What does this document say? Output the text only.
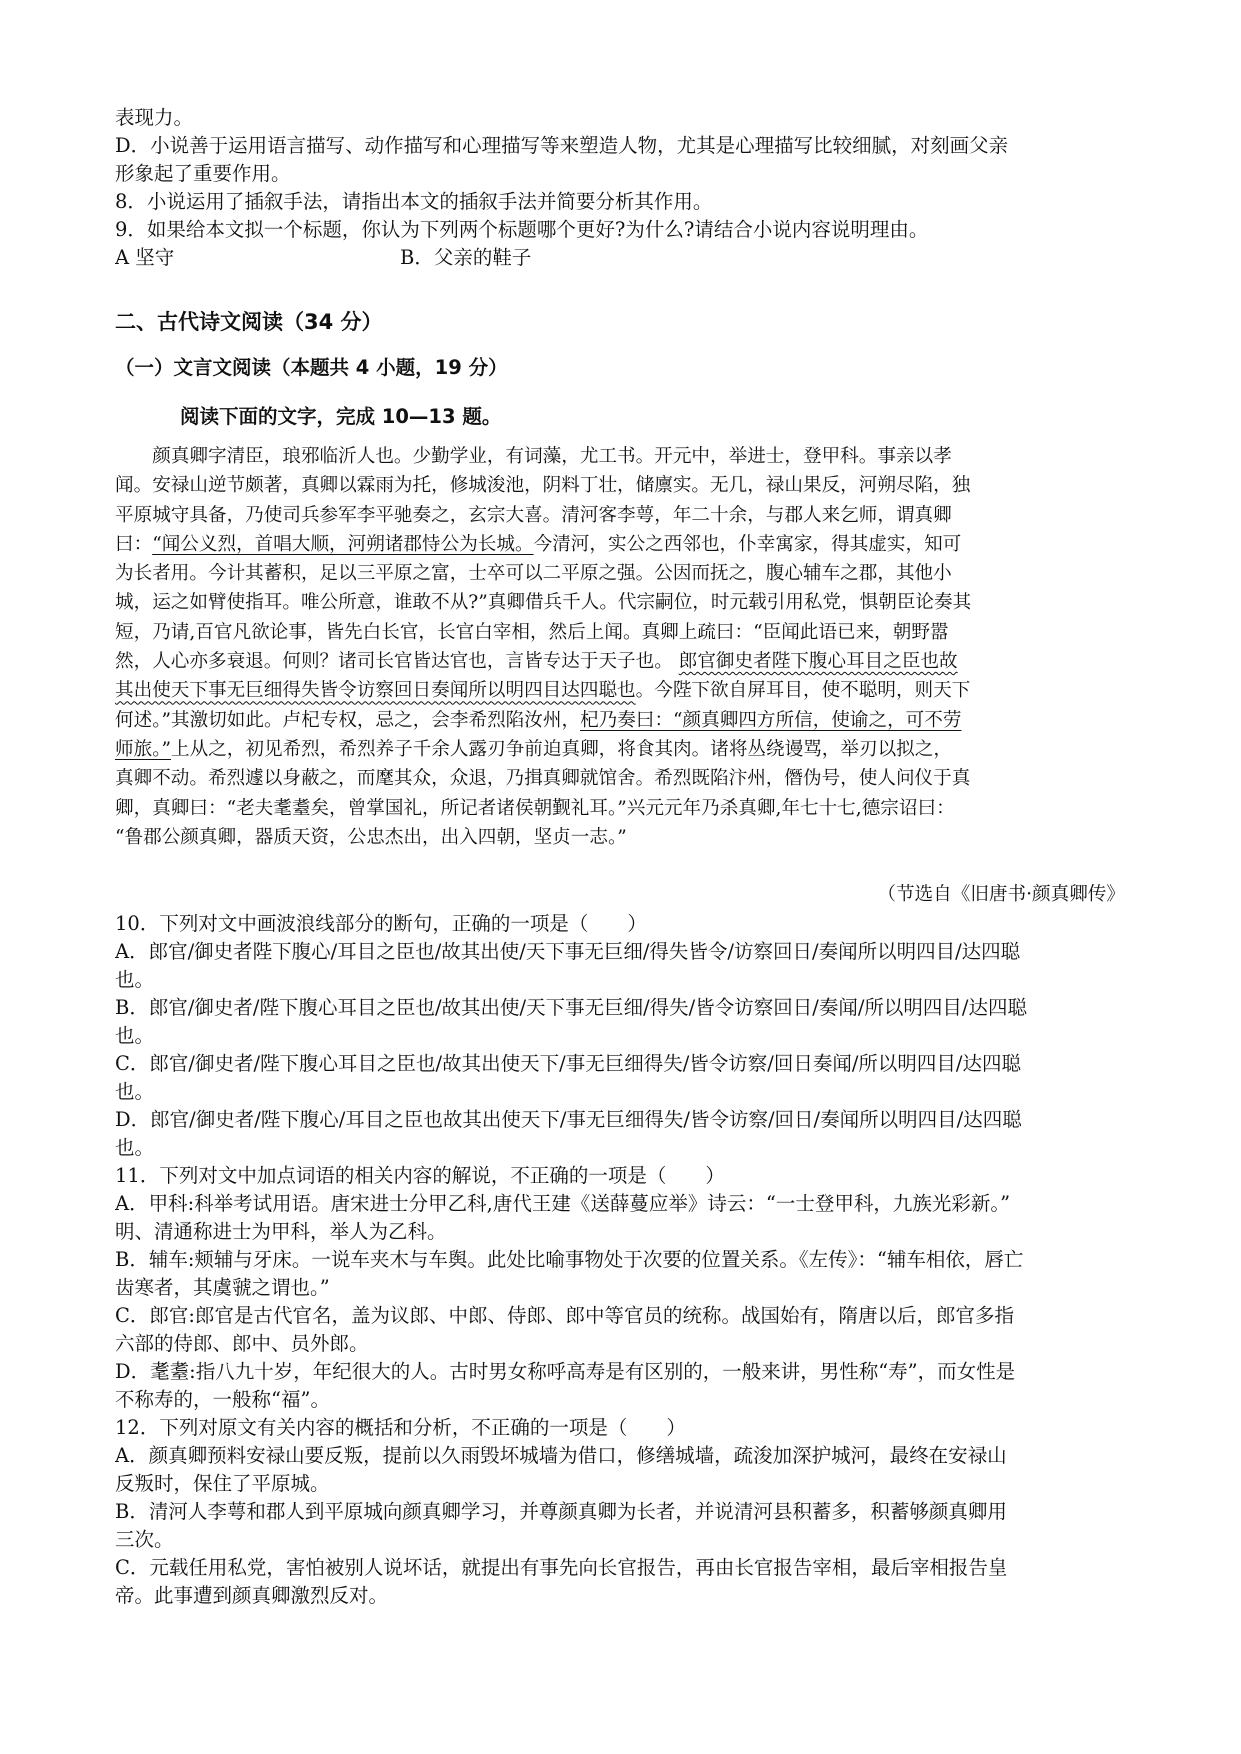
表现力。
D．小说善于运用语言描写、动作描写和心理描写等来塑造人物，尤其是心理描写比较细腻，对刻画父亲
形象起了重要作用。
8．小说运用了插叙手法，请指出本文的插叙手法并简要分析其作用。
9．如果给本文拟一个标题，你认为下列两个标题哪个更好?为什么?请结合小说内容说明理由。
A 坚守	B．父亲的鞋子
二、古代诗文阅读（34 分）
（一）文言文阅读（本题共 4 小题，19 分）
阅读下面的文字，完成 10—13 题。
　　颜真卿字清臣，琅邪临沂人也。少勤学业，有词藻，尤工书。开元中，举进士，登甲科。事亲以孝
闻。安禄山逆节颇著，真卿以霖雨为托，修城浚池，阴料丁壮，储廪实。无几，禄山果反，河朔尽陷，独
平原城守具备，乃使司兵参军李平驰奏之，玄宗大喜。清河客李萼，年二十余，与郡人来乞师，谓真卿
曰：“闻公义烈，首唱大顺，河朔诸郡恃公为长城。今清河，实公之西邻也，仆幸寓家，得其虚实，知可
为长者用。今计其蓄积，足以三平原之富，士卒可以二平原之强。公因而抚之，腹心辅车之郡，其他小
城，运之如臂使指耳。唯公所意，谁敢不从?”真卿借兵千人。代宗嗣位，时元载引用私党，惧朝臣论奏其
短，乃请,百官凡欲论事，皆先白长官，长官白宰相，然后上闻。真卿上疏曰：“臣闻此语已来，朝野嚣
然，人心亦多衰退。何则？诸司长官皆达官也，言皆专达于天子也。 郎官御史者陛下腹心耳目之臣也故
其出使天下事无巨细得失皆令访察回日奏闻所以明四目达四聪也。今陛下欲自屏耳目，使不聪明，则天下
何述。”其激切如此。卢杞专权，忌之，会李希烈陷汝州，杞乃奏曰：“颜真卿四方所信，使谕之，可不劳
师旅。”上从之，初见希烈，希烈养子千余人露刃争前迫真卿，将食其肉。诸将丛绕谩骂，举刃以拟之，
真卿不动。希烈遽以身蔽之，而麾其众，众退，乃揖真卿就馆舍。希烈既陷汴州，僭伪号，使人问仪于真
卿，真卿曰：“老夫耄耋矣，曾掌国礼，所记者诸侯朝觐礼耳。”兴元元年乃杀真卿,年七十七,德宗诏曰：
“鲁郡公颜真卿，器质天资，公忠杰出，出入四朝，坚贞一志。”
（节选自《旧唐书·颜真卿传》
10．下列对文中画波浪线部分的断句，正确的一项是（　　）
A．郎官/御史者陛下腹心/耳目之臣也/故其出使/天下事无巨细/得失皆令/访察回日/奏闻所以明四目/达四聪
也。
B．郎官/御史者/陛下腹心耳目之臣也/故其出使/天下事无巨细/得失/皆令访察回日/奏闻/所以明四目/达四聪
也。
C．郎官/御史者/陛下腹心耳目之臣也/故其出使天下/事无巨细得失/皆令访察/回日奏闻/所以明四目/达四聪
也。
D．郎官/御史者/陛下腹心/耳目之臣也故其出使天下/事无巨细得失/皆令访察/回日/奏闻所以明四目/达四聪
也。
11．下列对文中加点词语的相关内容的解说，不正确的一项是（　　）
A．甲科:科举考试用语。唐宋进士分甲乙科,唐代王建《送薛蔓应举》诗云：“一士登甲科，九族光彩新。”
明、清通称进士为甲科，举人为乙科。
B．辅车:颊辅与牙床。一说车夹木与车舆。此处比喻事物处于次要的位置关系。《左传》：“辅车相依，唇亡
齿寒者，其虞虢之谓也。”
C．郎官:郎官是古代官名，盖为议郎、中郎、侍郎、郎中等官员的统称。战国始有，隋唐以后，郎官多指
六部的侍郎、郎中、员外郎。
D．耄耋:指八九十岁，年纪很大的人。古时男女称呼高寿是有区别的，一般来讲，男性称“寿”，而女性是
不称寿的，一般称“福”。
12．下列对原文有关内容的概括和分析，不正确的一项是（　　）
A．颜真卿预料安禄山要反叛，提前以久雨毁坏城墙为借口，修缮城墙，疏浚加深护城河，最终在安禄山
反叛时，保住了平原城。
B．清河人李萼和郡人到平原城向颜真卿学习，并尊颜真卿为长者，并说清河县积蓄多，积蓄够颜真卿用
三次。
C．元载任用私党，害怕被别人说坏话，就提出有事先向长官报告，再由长官报告宰相，最后宰相报告皇
帝。此事遭到颜真卿激烈反对。
